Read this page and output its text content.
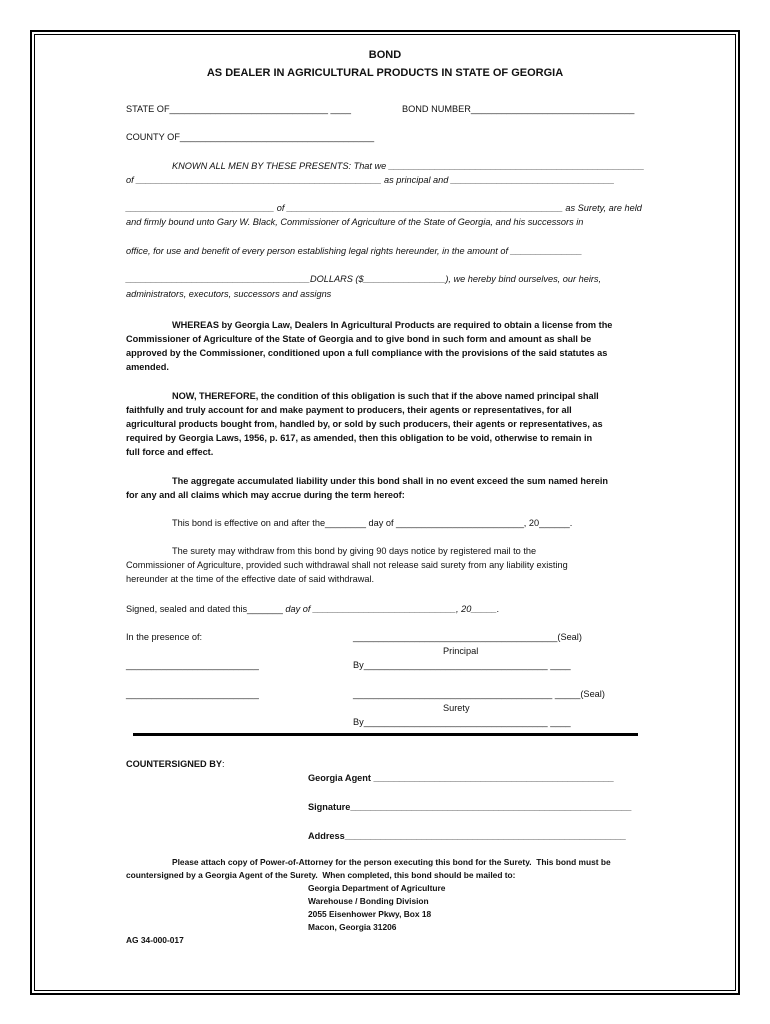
BOND
AS DEALER IN AGRICULTURAL PRODUCTS IN STATE OF GEORGIA
STATE OF_______________________________ ____	BOND NUMBER________________________________
COUNTY OF______________________________________
KNOWN ALL MEN BY THESE PRESENTS: That we __________________________________________________
of ________________________________________________ as principal and ________________________________
_____________________________ of ______________________________________________________ as Surety, are held
and firmly bound unto Gary W. Black, Commissioner of Agriculture of the State of Georgia, and his successors in
office, for use and benefit of every person establishing legal rights hereunder, in the amount of ______________
____________________________________DOLLARS ($________________), we hereby bind ourselves, our heirs,
administrators, executors, successors and assigns
WHEREAS by Georgia Law, Dealers In Agricultural Products are required to obtain a license from the
Commissioner of Agriculture of the State of Georgia and to give bond in such form and amount as shall be
approved by the Commissioner, conditioned upon a full compliance with the provisions of the said statutes as
amended.
NOW, THEREFORE, the condition of this obligation is such that if the above named principal shall
faithfully and truly account for and make payment to producers, their agents or representatives, for all
agricultural products bought from, handled by, or sold by such producers, their agents or representatives, as
required by Georgia Laws, 1956, p. 617, as amended, then this obligation to be void, otherwise to remain in
full force and effect.
The aggregate accumulated liability under this bond shall in no event exceed the sum named herein
for any and all claims which may accrue during the term hereof:
This bond is effective on and after the________ day of _________________________, 20______.
The surety may withdraw from this bond by giving 90 days notice by registered mail to the
Commissioner of Agriculture, provided such withdrawal shall not release said surety from any liability existing
hereunder at the time of the effective date of said withdrawal.
Signed, sealed and dated this_______ day of ____________________________, 20_____.
In the presence of:	________________________________________(Seal)
Principal
__________________________	By____________________________________ ____
__________________________	_______________________________________ _____(Seal)
Surety
By____________________________________ ____
COUNTERSIGNED BY:
Georgia Agent _______________________________________________
Signature_______________________________________________________
Address_______________________________________________________
Please attach copy of Power-of-Attorney for the person executing this bond for the Surety.  This bond must be
countersigned by a Georgia Agent of the Surety.  When completed, this bond should be mailed to:
Georgia Department of Agriculture
Warehouse / Bonding Division
2055 Eisenhower Pkwy, Box 18
Macon, Georgia 31206
AG 34-000-017
